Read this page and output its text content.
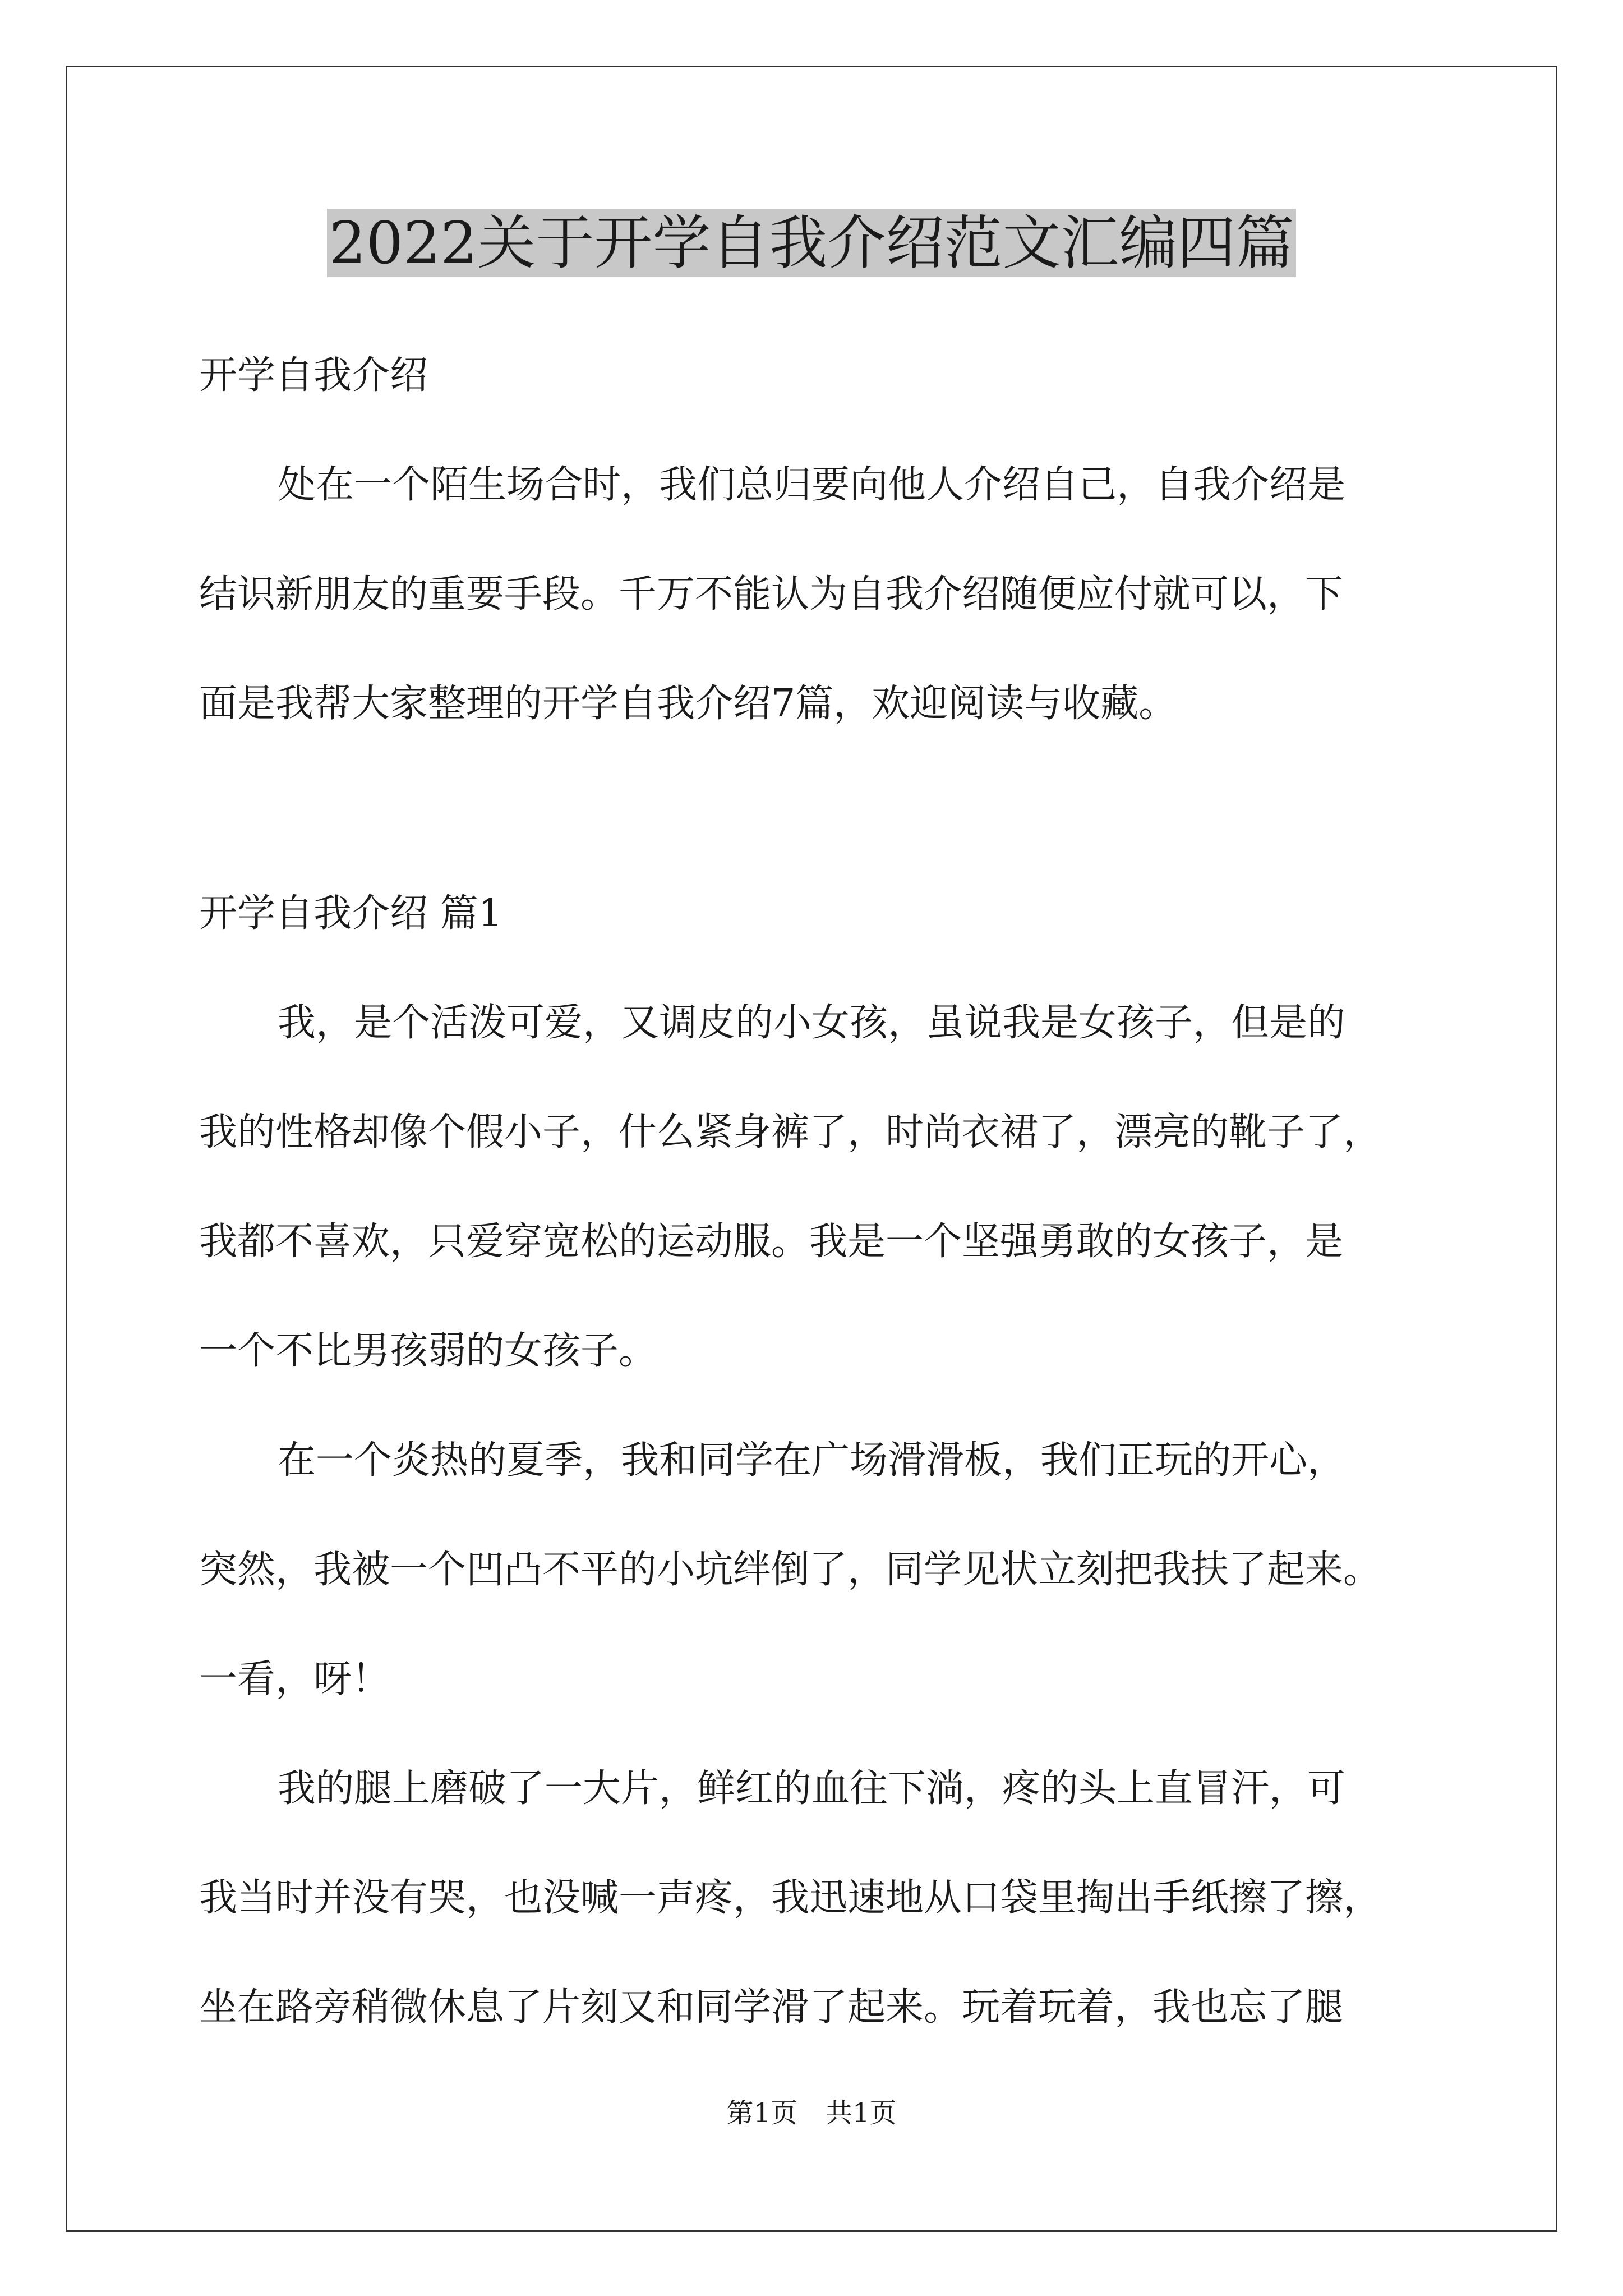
2022关于开学自我介绍范文汇编四篇

开学自我介绍

处在一个陌生场合时，我们总归要向他人介绍自己，自我介绍是

结识新朋友的重要手段。千万不能认为自我介绍随便应付就可以，下

面是我帮大家整理的开学自我介绍7篇，欢迎阅读与收藏。

开学自我介绍 篇1

我，是个活泼可爱，又调皮的小女孩，虽说我是女孩子，但是的

我的性格却像个假小子，什么紧身裤了，时尚衣裙了，漂亮的靴子了，

我都不喜欢，只爱穿宽松的运动服。我是一个坚强勇敢的女孩子，是

一个不比男孩弱的女孩子。

在一个炎热的夏季，我和同学在广场滑滑板，我们正玩的开心，

突然，我被一个凹凸不平的小坑绊倒了，同学见状立刻把我扶了起来。

一看，呀！

我的腿上磨破了一大片，鲜红的血往下淌，疼的头上直冒汗，可

我当时并没有哭，也没喊一声疼，我迅速地从口袋里掏出手纸擦了擦，

坐在路旁稍微休息了片刻又和同学滑了起来。玩着玩着，我也忘了腿

第1页 共1页
